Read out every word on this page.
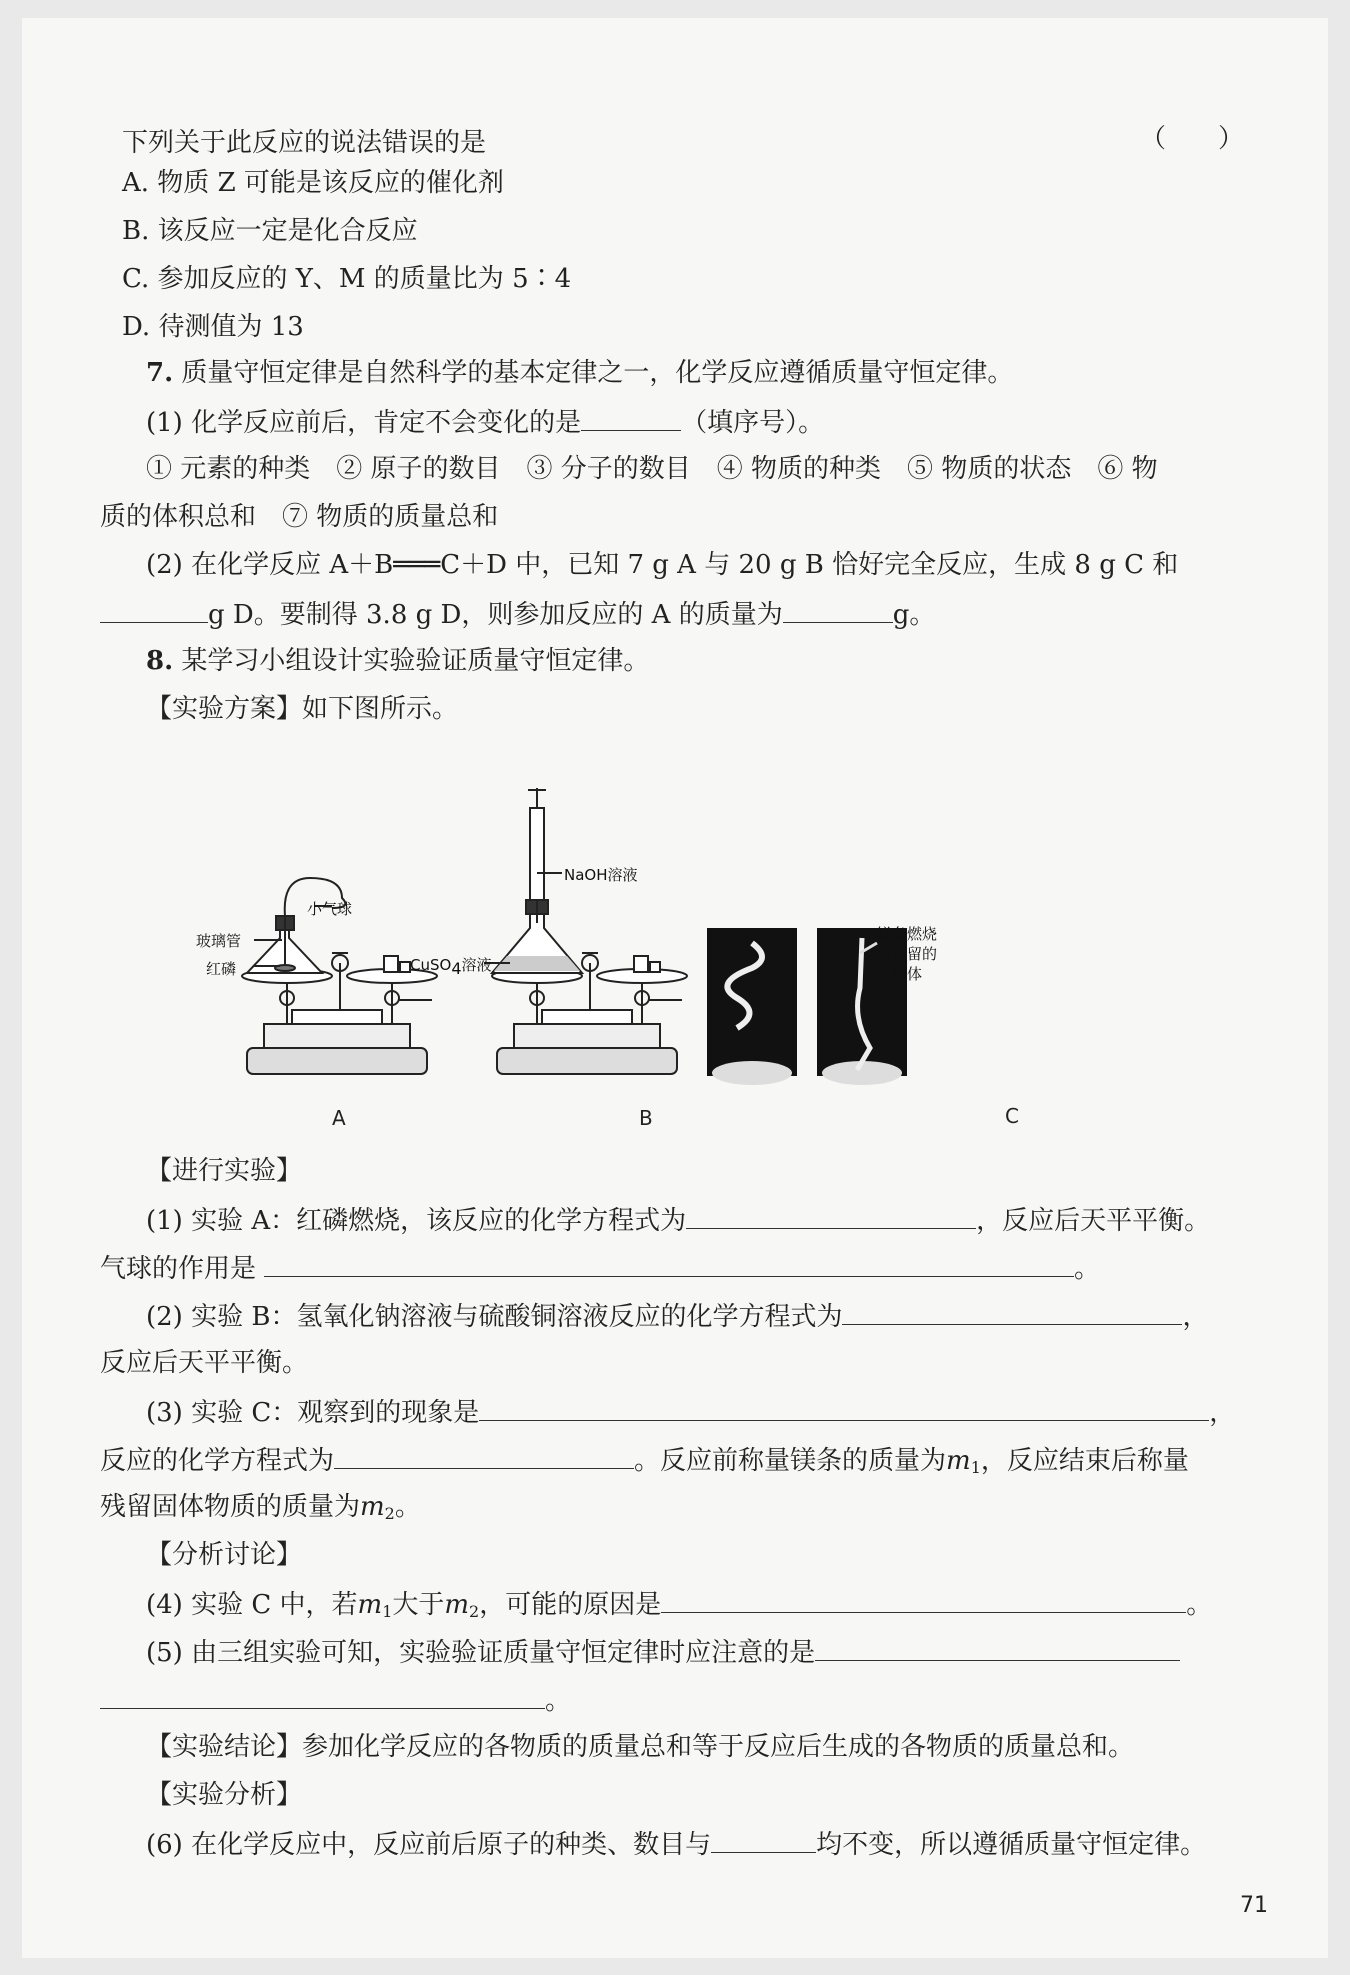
下列关于此反应的说法错误的是	（　　）
A. 物质 Z 可能是该反应的催化剂
B. 该反应一定是化合反应
C. 参加反应的 Y、M 的质量比为 5∶4
D. 待测值为 13
7. 质量守恒定律是自然科学的基本定律之一，化学反应遵循质量守恒定律。
(1) 化学反应前后，肯定不会变化的是	（填序号）。
① 元素的种类　② 原子的数目　③ 分子的数目　④ 物质的种类　⑤ 物质的状态　⑥ 物
质的体积总和　⑦ 物质的质量总和
(2) 在化学反应 A＋B═══C＋D 中，已知 7 g A 与 20 g B 恰好完全反应，生成 8 g C 和
g D。要制得 3.8 g D，则参加反应的 A 的质量为	g。
8. 某学习小组设计实验验证质量守恒定律。
【实验方案】如下图所示。
小气球
玻璃管
红磷
NaOH溶液
CuSO4溶液
镁条燃烧
后残留的
固体
A	B	C
【进行实验】
(1) 实验 A：红磷燃烧，该反应的化学方程式为	，反应后天平平衡。
气球的作用是	。
(2) 实验 B：氢氧化钠溶液与硫酸铜溶液反应的化学方程式为	，
反应后天平平衡。
(3) 实验 C：观察到的现象是	，
反应的化学方程式为	。反应前称量镁条的质量为$m_1$，反应结束后称量
残留固体物质的质量为$m_2$。
【分析讨论】
(4) 实验 C 中，若$m_1$大于$m_2$，可能的原因是	。
(5) 由三组实验可知，实验验证质量守恒定律时应注意的是
。
【实验结论】参加化学反应的各物质的质量总和等于反应后生成的各物质的质量总和。
【实验分析】
(6) 在化学反应中，反应前后原子的种类、数目与	均不变，所以遵循质量守恒定律。
71
